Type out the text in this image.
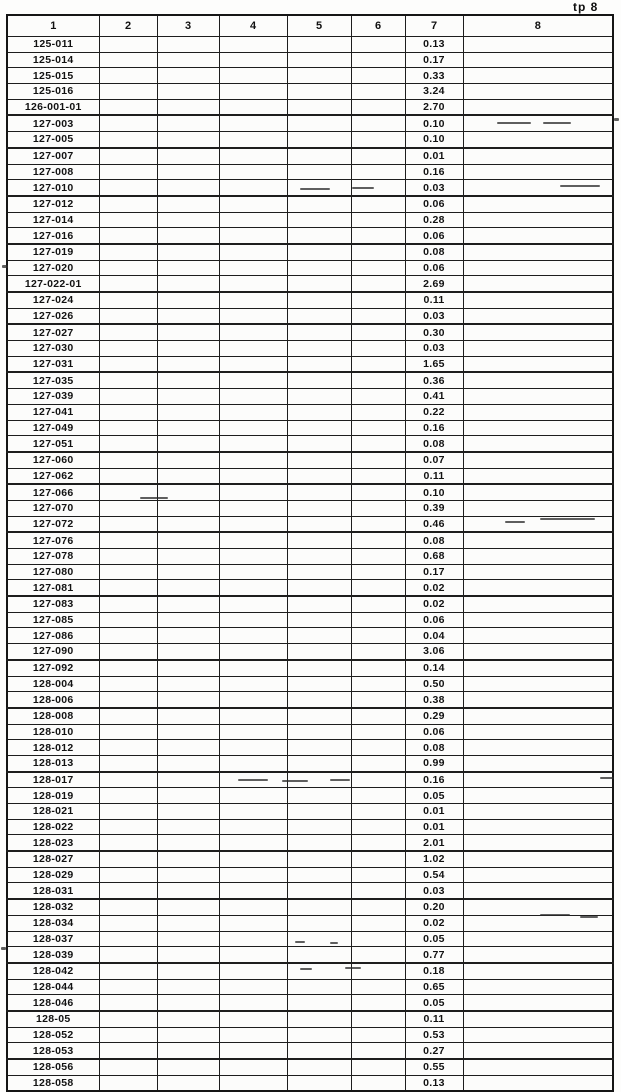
tp 8
1	2	3	4	5	6	7	8
125-011						0.13	
125-014						0.17	
125-015						0.33	
125-016						3.24	
126-001-01						2.70	
127-003						0.10	
127-005						0.10	
127-007						0.01	
127-008						0.16	
127-010						0.03	
127-012						0.06	
127-014						0.28	
127-016						0.06	
127-019						0.08	
127-020						0.06	
127-022-01						2.69	
127-024						0.11	
127-026						0.03	
127-027						0.30	
127-030						0.03	
127-031						1.65	
127-035						0.36	
127-039						0.41	
127-041						0.22	
127-049						0.16	
127-051						0.08	
127-060						0.07	
127-062						0.11	
127-066						0.10	
127-070						0.39	
127-072						0.46	
127-076						0.08	
127-078						0.68	
127-080						0.17	
127-081						0.02	
127-083						0.02	
127-085						0.06	
127-086						0.04	
127-090						3.06	
127-092						0.14	
128-004						0.50	
128-006						0.38	
128-008						0.29	
128-010						0.06	
128-012						0.08	
128-013						0.99	
128-017						0.16	
128-019						0.05	
128-021						0.01	
128-022						0.01	
128-023						2.01	
128-027						1.02	
128-029						0.54	
128-031						0.03	
128-032						0.20	
128-034						0.02	
128-037						0.05	
128-039						0.77	
128-042						0.18	
128-044						0.65	
128-046						0.05	
128-05						0.11	
128-052						0.53	
128-053						0.27	
128-056						0.55	
128-058						0.13	
